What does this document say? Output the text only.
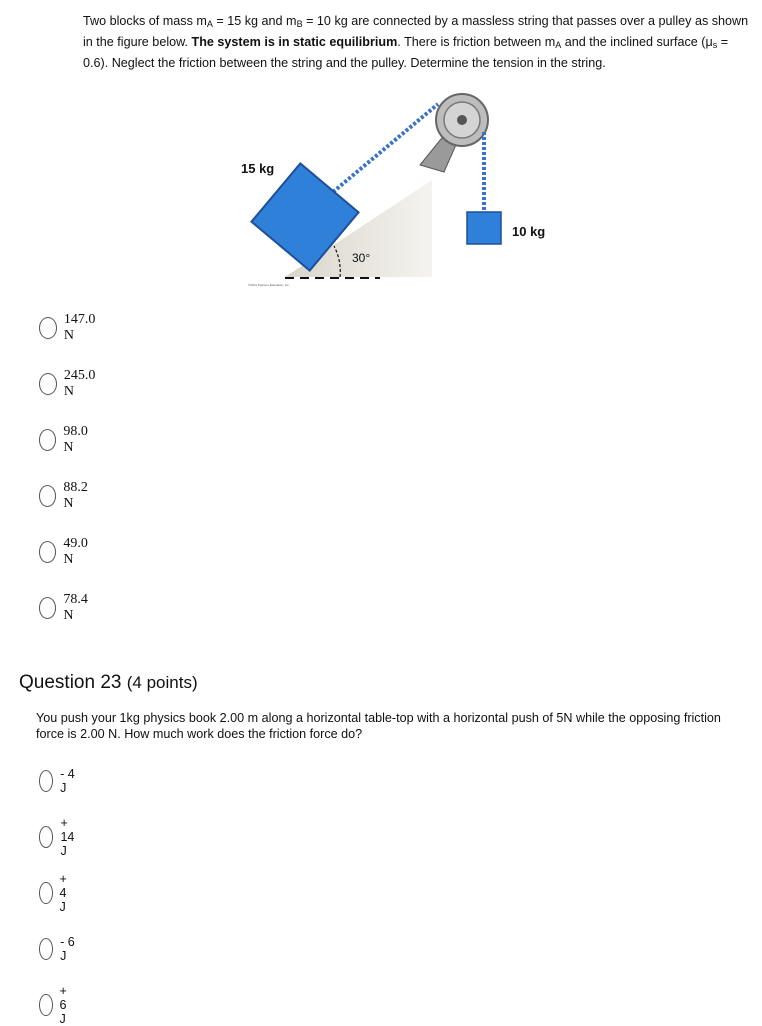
Two blocks of mass $m_A = 15$ kg and $m_B = 10$ kg are connected by a massless string that passes over a pulley as shown in the figure below. The system is in static equilibrium. There is friction between $m_A$ and the inclined surface $(\mu_s = 0.6)$. Neglect the friction between the string and the pulley. Determine the tension in the string.
15 kg
10 kg
30°
©2014 Pearson Education, Inc.
147.0 N
245.0 N
98.0 N
88.2 N
49.0 N
78.4 N
Question 23 (4 points)
You push your 1kg physics book 2.00 m along a horizontal table-top with a horizontal push of 5N while the opposing friction force is 2.00 N. How much work does the friction force do?
- 4 J
+ 14 J
+ 4 J
- 6 J
+ 6 J
